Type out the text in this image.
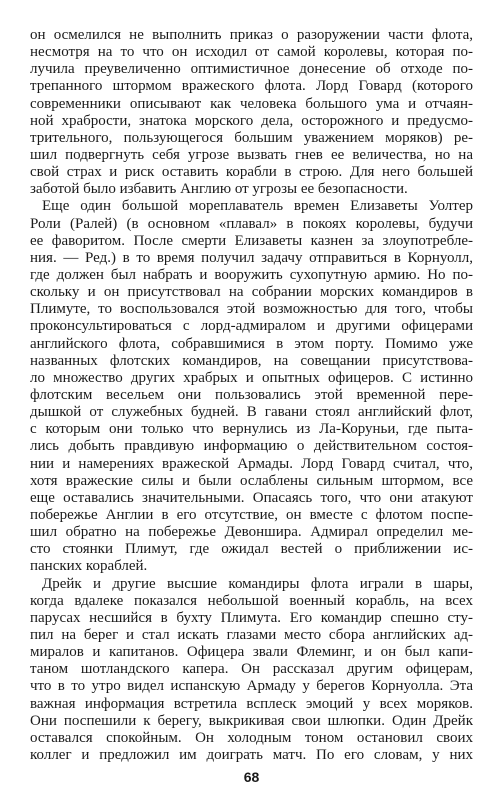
он осмелился не выполнить приказ о разоружении части флота,
несмотря на то что он исходил от самой королевы, которая по-
лучила преувеличенно оптимистичное донесение об отходе по-
трепанного штормом вражеского флота. Лорд Говард (которого
современники описывают как человека большого ума и отчаян-
ной храбрости, знатока морского дела, осторожного и предусмо-
трительного, пользующегося большим уважением моряков) ре-
шил подвергнуть себя угрозе вызвать гнев ее величества, но на
свой страх и риск оставить корабли в строю. Для него большей
заботой было избавить Англию от угрозы ее безопасности.
Еще один большой мореплаватель времен Елизаветы Уолтер
Роли (Ралей) (в основном «плавал» в покоях королевы, будучи
ее фаворитом. После смерти Елизаветы казнен за злоупотребле-
ния. — Ред.) в то время получил задачу отправиться в Корнуолл,
где должен был набрать и вооружить сухопутную армию. Но по-
скольку и он присутствовал на собрании морских командиров в
Плимуте, то воспользовался этой возможностью для того, чтобы
проконсультироваться с лорд-адмиралом и другими офицерами
английского флота, собравшимися в этом порту. Помимо уже
названных флотских командиров, на совещании присутствова-
ло множество других храбрых и опытных офицеров. С истинно
флотским весельем они пользовались этой временной пере-
дышкой от служебных будней. В гавани стоял английский флот,
с которым они только что вернулись из Ла-Коруньи, где пыта-
лись добыть правдивую информацию о действительном состоя-
нии и намерениях вражеской Армады. Лорд Говард считал, что,
хотя вражеские силы и были ослаблены сильным штормом, все
еще оставались значительными. Опасаясь того, что они атакуют
побережье Англии в его отсутствие, он вместе с флотом поспе-
шил обратно на побережье Девоншира. Адмирал определил ме-
сто стоянки Плимут, где ожидал вестей о приближении ис-
панских кораблей.
Дрейк и другие высшие командиры флота играли в шары,
когда вдалеке показался небольшой военный корабль, на всех
парусах несшийся в бухту Плимута. Его командир спешно сту-
пил на берег и стал искать глазами место сбора английских ад-
миралов и капитанов. Офицера звали Флеминг, и он был капи-
таном шотландского капера. Он рассказал другим офицерам,
что в то утро видел испанскую Армаду у берегов Корнуолла. Эта
важная информация встретила всплеск эмоций у всех моряков.
Они поспешили к берегу, выкрикивая свои шлюпки. Один Дрейк
оставался спокойным. Он холодным тоном остановил своих
коллег и предложил им доиграть матч. По его словам, у них
68
